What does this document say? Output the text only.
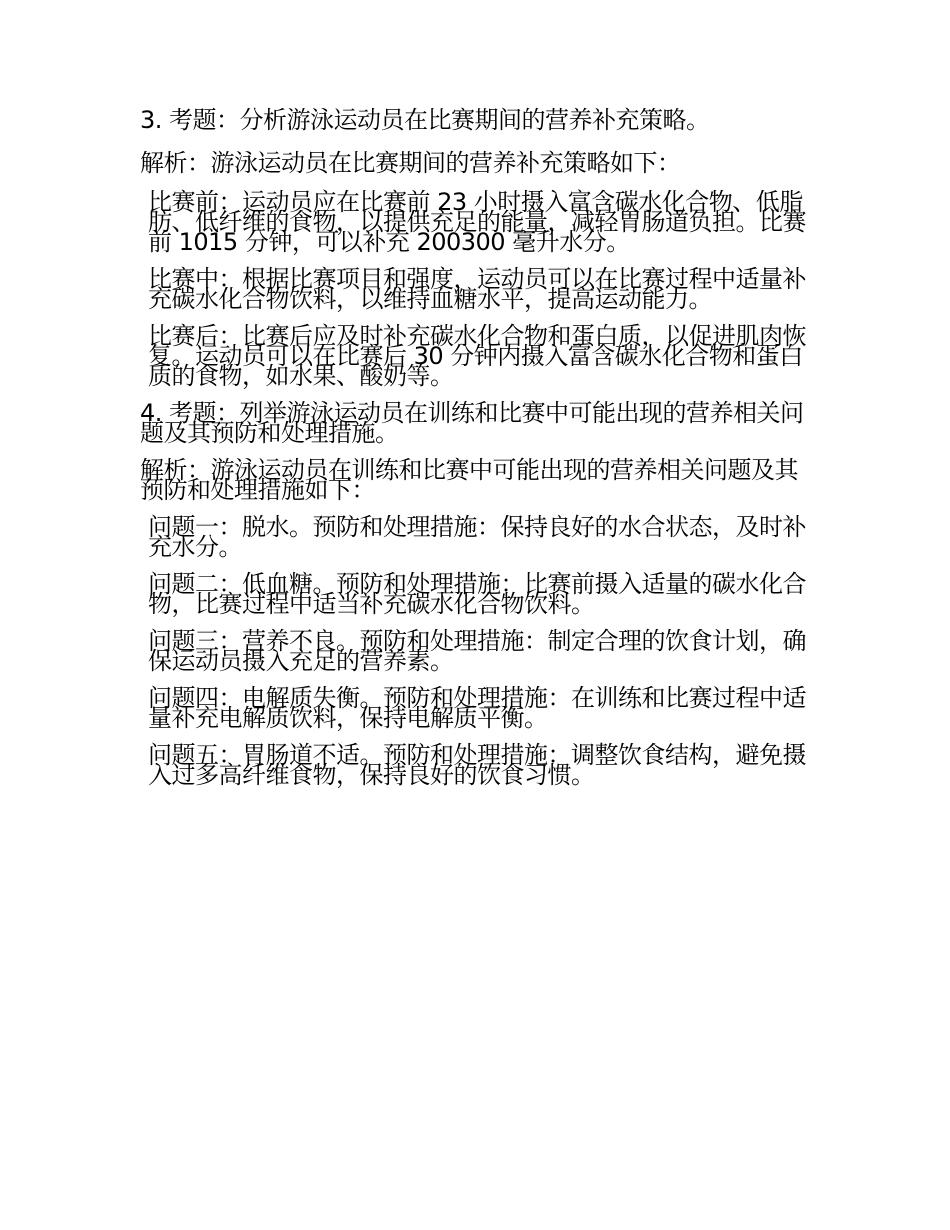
3. 考题：分析游泳运动员在比赛期间的营养补充策略。

解析：游泳运动员在比赛期间的营养补充策略如下：

比赛前：运动员应在比赛前 23 小时摄入富含碳水化合物、低脂肪、低纤维的食物，以提供充足的能量，减轻胃肠道负担。比赛前 1015 分钟，可以补充 200300 毫升水分。

比赛中：根据比赛项目和强度，运动员可以在比赛过程中适量补充碳水化合物饮料，以维持血糖水平，提高运动能力。

比赛后：比赛后应及时补充碳水化合物和蛋白质，以促进肌肉恢复。运动员可以在比赛后 30 分钟内摄入富含碳水化合物和蛋白质的食物，如水果、酸奶等。

4. 考题：列举游泳运动员在训练和比赛中可能出现的营养相关问题及其预防和处理措施。

解析：游泳运动员在训练和比赛中可能出现的营养相关问题及其预防和处理措施如下：

问题一：脱水。预防和处理措施：保持良好的水合状态，及时补充水分。

问题二：低血糖。预防和处理措施：比赛前摄入适量的碳水化合物，比赛过程中适当补充碳水化合物饮料。

问题三：营养不良。预防和处理措施：制定合理的饮食计划，确保运动员摄入充足的营养素。

问题四：电解质失衡。预防和处理措施：在训练和比赛过程中适量补充电解质饮料，保持电解质平衡。

问题五：胃肠道不适。预防和处理措施：调整饮食结构，避免摄入过多高纤维食物，保持良好的饮食习惯。
